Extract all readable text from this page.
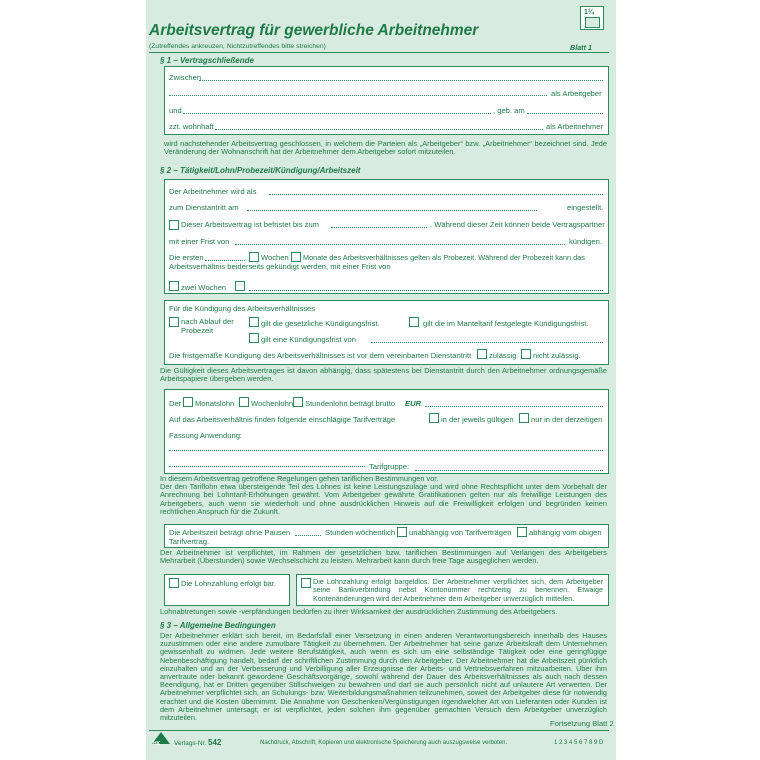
Arbeitsvertrag für gewerbliche Arbeitnehmer
(Zutreffendes ankreuzen, Nichtzutreffendes bitte streichen)
1¼
Blatt 1
§ 1 – Vertragschließende
Zwischen
als Arbeitgeber
und	, geb. am
zzt. wohnhaft	als Arbeitnehmer
wird nachstehender Arbeitsvertrag geschlossen, in welchem die Parteien als „Arbeitgeber“ bzw. „Arbeitnehmer“ bezeichnet sind. Jede Veränderung der Wohnanschrift hat der Arbeitnehmer dem Arbeitgeber sofort mitzuteilen.
§ 2 – Tätigkeit/Lohn/Probezeit/Kündigung/Arbeitszeit
Der Arbeitnehmer wird als
zum Dienstantritt am	eingestellt.
Dieser Arbeitsvertrag ist befristet bis zum	. Während dieser Zeit können beide Vertragspartner
mit einer Frist von	kündigen.
Die ersten	Wochen Monate des Arbeitsverhältnisses gelten als Probezeit. Während der Probezeit kann das
Arbeitsverhältnis beiderseits gekündigt werden, mit einer Frist von
zwei Wochen
Für die Kündigung des Arbeitsverhältnisses
nach Ablauf der Probezeit
gilt die gesetzliche Kündigungsfrist.	gilt die im Manteltarif festgelegte Kündigungsfrist.
gilt eine Kündigungsfrist von
Die fristgemäße Kündigung des Arbeitsverhältnisses ist vor dem vereinbarten Dienstantritt zulässig nicht zulässig.
Die Gültigkeit dieses Arbeitsvertrages ist davon abhängig, dass spätestens bei Dienstantritt durch den Arbeitnehmer ordnungsgemäße Arbeitspapiere übergeben werden.
Der Monatslohn Wochenlohn Stundenlohn beträgt brutto EUR
Auf das Arbeitsverhältnis finden folgende einschlägige Tarifverträge	in der jeweils gültigen nur in der derzeitigen
Fassung Anwendung:
Tarifgruppe:
In diesem Arbeitsvertrag getroffene Regelungen gehen tariflichen Bestimmungen vor.
Der den Tariflohn etwa übersteigende Teil des Lohnes ist keine Leistungszulage und wird ohne Rechtspflicht unter dem Vorbehalt der Anrechnung bei Lohntarif-Erhöhungen gewährt. Vom Arbeitgeber gewährte Gratifikationen gelten nur als freiwillige Leistungen des Arbeitgebers, auch wenn sie wiederholt und ohne ausdrücklichen Hinweis auf die Freiwilligkeit erfolgen und begründen keinen rechtlichen Anspruch für die Zukunft.
Die Arbeitszeit beträgt ohne Pausen	Stunden wöchentlich unabhängig von Tarifverträgen abhängig vom obigen
Tarifvertrag.
Der Arbeitnehmer ist verpflichtet, im Rahmen der gesetzlichen bzw. tariflichen Bestimmungen auf Verlangen des Arbeitgebers Mehrarbeit (Überstunden) sowie Wechselschicht zu leisten. Mehrarbeit kann durch freie Tage ausgeglichen werden.
Die Lohnzahlung erfolgt bar.	Die Lohnzahlung erfolgt bargeldlos. Der Arbeitnehmer verpflichtet sich, dem Arbeitgeber seine Bankverbindung nebst Kontonummer rechtzeitig zu benennen. Etwaige Kontenänderungen wird der Arbeitnehmer dem Arbeitgeber unverzüglich mitteilen.
Lohnabtretungen sowie -verpfändungen bedürfen zu ihrer Wirksamkeit der ausdrücklichen Zustimmung des Arbeitgebers.
§ 3 – Allgemeine Bedingungen
Der Arbeitnehmer erklärt sich bereit, im Bedarfsfall einer Versetzung in einen anderen Verantwortungsbereich innerhalb des Hauses zuzustimmen oder eine andere zumutbare Tätigkeit zu übernehmen. Der Arbeitnehmer hat seine ganze Arbeitskraft dem Unternehmen gewissenhaft zu widmen. Jede weitere Berufstätigkeit, auch wenn es sich um eine selbständige Tätigkeit oder eine geringfügige Nebenbeschäftigung handelt, bedarf der schriftlichen Zustimmung durch den Arbeitgeber. Der Arbeitnehmer hat die Arbeitszeit pünktlich einzuhalten und an der Verbesserung und Verbilligung aller Erzeugnisse der Arbeits- und Vertriebsverfahren mitzuarbeiten. Über ihm anvertraute oder bekannt gewordene Geschäftsvorgänge, sowohl während der Dauer des Arbeitsverhältnisses als auch nach dessen Beendigung, hat er Dritten gegenüber Stillschweigen zu bewahren und darf sie auch persönlich nicht auf unlautere Art verwerten. Der Arbeitnehmer verpflichtet sich, an Schulungs- bzw. Weiterbildungsmaßnahmen teilzunehmen, soweit der Arbeitgeber diese für notwendig erachtet und die Kosten übernimmt. Die Annahme von Geschenken/Vergünstigungen irgendwelcher Art von Lieferanten oder Kunden ist dem Arbeitnehmer untersagt; er ist verpflichtet, jeden solchen ihm gegenüber gemachten Versuch dem Arbeitgeber unverzüglich mitzuteilen.
Fortsetzung Blatt 2
HK Verlags-Nr. 542	Nachdruck, Abschrift, Kopieren und elektronische Speicherung auch auszugsweise verboten.	1 2 3 4 5 6 7 8 9 D
